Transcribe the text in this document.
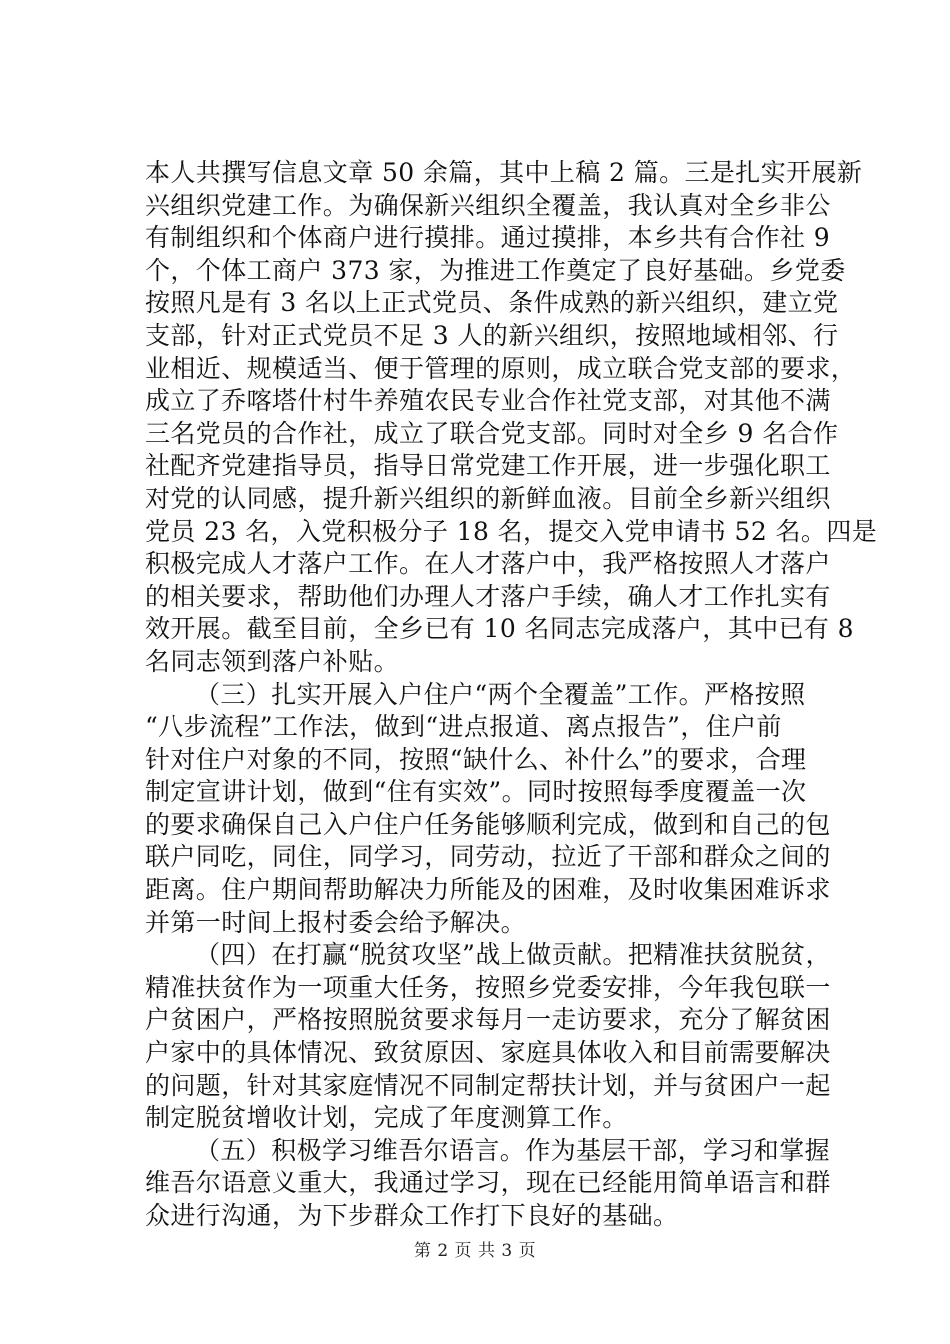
本人共撰写信息文章 50 余篇，其中上稿 2 篇。三是扎实开展新
兴组织党建工作。为确保新兴组织全覆盖，我认真对全乡非公
有制组织和个体商户进行摸排。通过摸排，本乡共有合作社 9
个，个体工商户 373 家，为推进工作奠定了良好基础。乡党委
按照凡是有 3 名以上正式党员、条件成熟的新兴组织，建立党
支部，针对正式党员不足 3 人的新兴组织，按照地域相邻、行
业相近、规模适当、便于管理的原则，成立联合党支部的要求，
成立了乔喀塔什村牛养殖农民专业合作社党支部，对其他不满
三名党员的合作社，成立了联合党支部。同时对全乡 9 名合作
社配齐党建指导员，指导日常党建工作开展，进一步强化职工
对党的认同感，提升新兴组织的新鲜血液。目前全乡新兴组织
党员 23 名，入党积极分子 18 名，提交入党申请书 52 名。四是
积极完成人才落户工作。在人才落户中，我严格按照人才落户
的相关要求，帮助他们办理人才落户手续，确人才工作扎实有
效开展。截至目前，全乡已有 10 名同志完成落户，其中已有 8
名同志领到落户补贴。
（三）扎实开展入户住户“两个全覆盖”工作。严格按照
“八步流程”工作法，做到“进点报道、离点报告”，住户前
针对住户对象的不同，按照“缺什么、补什么”的要求，合理
制定宣讲计划，做到“住有实效”。同时按照每季度覆盖一次
的要求确保自己入户住户任务能够顺利完成，做到和自己的包
联户同吃，同住，同学习，同劳动，拉近了干部和群众之间的
距离。住户期间帮助解决力所能及的困难，及时收集困难诉求
并第一时间上报村委会给予解决。
（四）在打赢“脱贫攻坚”战上做贡献。把精准扶贫脱贫，
精准扶贫作为一项重大任务，按照乡党委安排，今年我包联一
户贫困户，严格按照脱贫要求每月一走访要求，充分了解贫困
户家中的具体情况、致贫原因、家庭具体收入和目前需要解决
的问题，针对其家庭情况不同制定帮扶计划，并与贫困户一起
制定脱贫增收计划，完成了年度测算工作。
（五）积极学习维吾尔语言。作为基层干部，学习和掌握
维吾尔语意义重大，我通过学习，现在已经能用简单语言和群
众进行沟通，为下步群众工作打下良好的基础。
第 2 页 共 3 页
